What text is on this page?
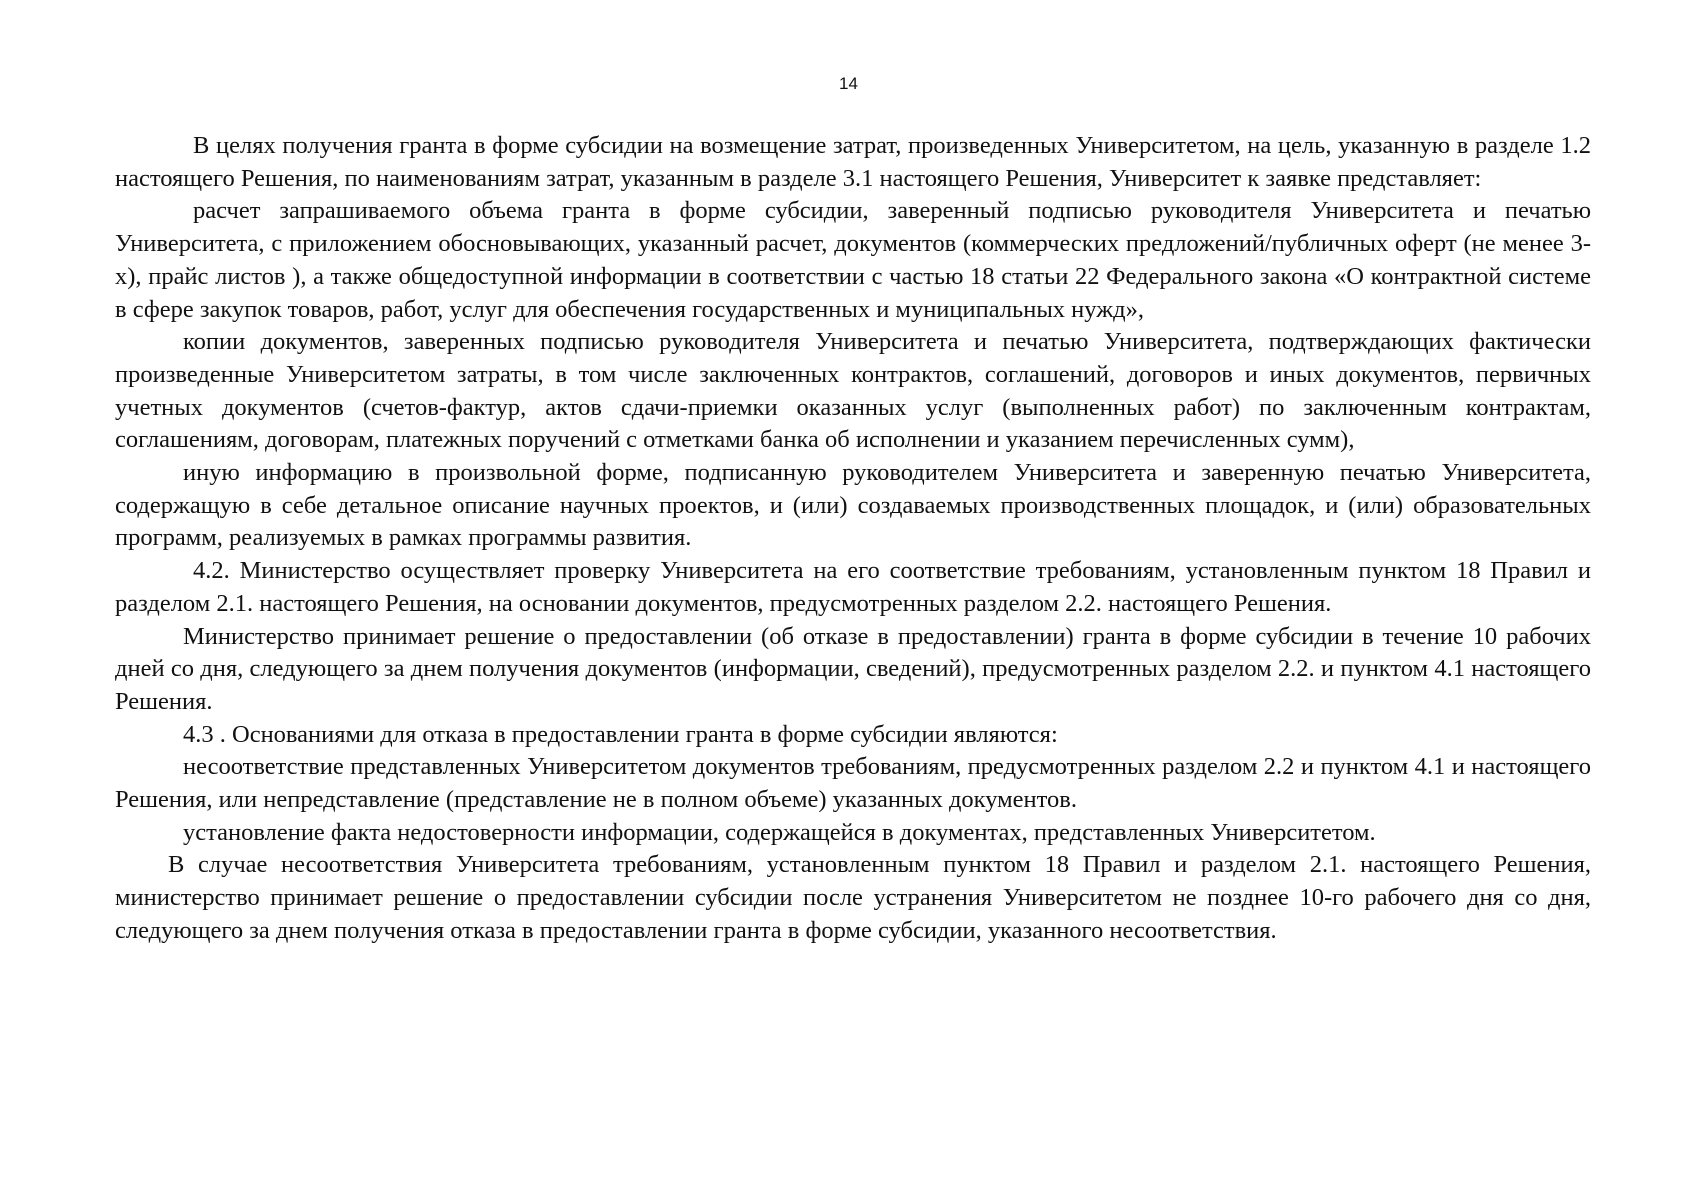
14

В целях получения гранта в форме субсидии на возмещение затрат, произведенных Университетом, на цель, указанную в разделе 1.2 настоящего Решения, по наименованиям затрат, указанным в разделе 3.1 настоящего Решения, Университет к заявке представляет:

расчет запрашиваемого объема гранта в форме субсидии, заверенный подписью руководителя Университета и печатью Университета, с приложением обосновывающих, указанный расчет, документов (коммерческих предложений/публичных оферт (не менее 3-х), прайс листов ), а также общедоступной информации в соответствии с частью 18 статьи 22 Федерального закона «О контрактной системе в сфере закупок товаров, работ, услуг для обеспечения государственных и муниципальных нужд»,

копии документов, заверенных подписью руководителя Университета и печатью Университета, подтверждающих фактически произведенные Университетом затраты, в том числе заключенных контрактов, соглашений, договоров и иных документов, первичных учетных документов (счетов-фактур, актов сдачи-приемки оказанных услуг (выполненных работ) по заключенным контрактам, соглашениям, договорам, платежных поручений с отметками банка об исполнении и указанием перечисленных сумм),

иную информацию в произвольной форме, подписанную руководителем Университета и заверенную печатью Университета, содержащую в себе детальное описание научных проектов, и (или) создаваемых производственных площадок, и (или) образовательных программ, реализуемых в рамках программы развития.

4.2. Министерство осуществляет проверку Университета на его соответствие требованиям, установленным пунктом 18 Правил и разделом 2.1. настоящего Решения, на основании документов, предусмотренных разделом 2.2. настоящего Решения.

Министерство принимает решение о предоставлении (об отказе в предоставлении) гранта в форме субсидии в течение 10 рабочих дней со дня, следующего за днем получения документов (информации, сведений), предусмотренных разделом 2.2. и пунктом 4.1 настоящего Решения.

4.3 . Основаниями для отказа в предоставлении гранта в форме субсидии являются:

несоответствие представленных Университетом документов требованиям, предусмотренных разделом 2.2 и пунктом 4.1 и настоящего Решения, или непредставление (представление не в полном объеме) указанных документов.

установление факта недостоверности информации, содержащейся в документах, представленных Университетом.

В случае несоответствия Университета требованиям, установленным пунктом 18 Правил и разделом 2.1. настоящего Решения, министерство принимает решение о предоставлении субсидии после устранения Университетом не позднее 10-го рабочего дня со дня, следующего за днем получения отказа в предоставлении гранта в форме субсидии, указанного несоответствия.
